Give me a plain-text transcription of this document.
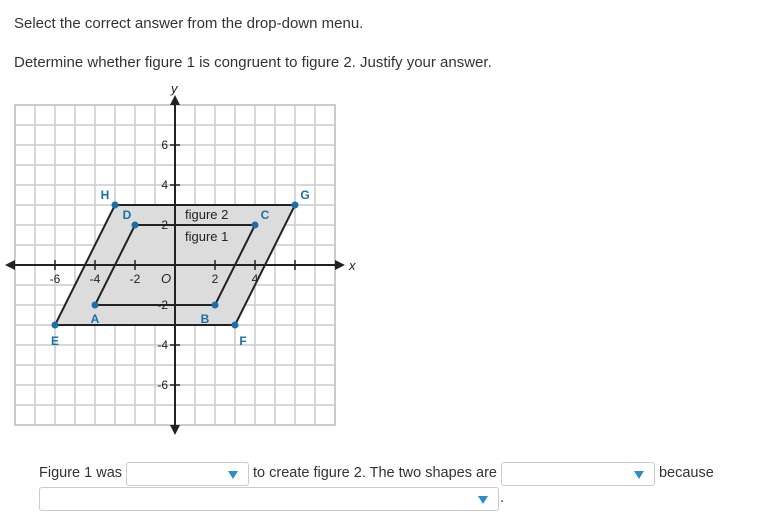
Select the correct answer from the drop-down menu.
Determine whether figure 1 is congruent to figure 2. Justify your answer.
x
y
O
-6 -4 -2	2	4
6
4
2
-2
-4
-6
figure 2
figure 1
A	B
C
D
E	F
G
H
Figure 1 was	to create figure 2. The two shapes are	because

.
